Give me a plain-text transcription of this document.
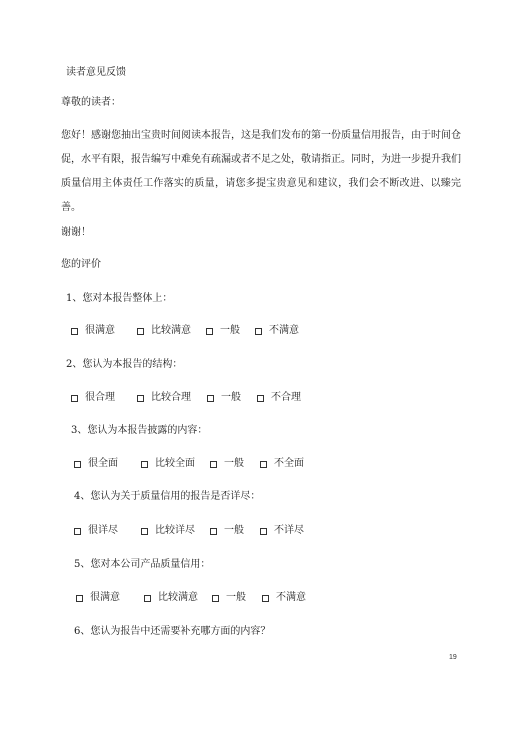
读者意见反馈
尊敬的读者：
您好！感谢您抽出宝贵时间阅读本报告，这是我们发布的第一份质量信用报告，由于时间仓促，水平有限，报告编写中难免有疏漏或者不足之处，敬请指正。同时，为进一步提升我们质量信用主体责任工作落实的质量，请您多提宝贵意见和建议，我们会不断改进、以臻完善。
谢谢！
您的评价
1、您对本报告整体上：
很满意	比较满意	一般	不满意
2、您认为本报告的结构：
很合理	比较合理	一般	不合理
3、您认为本报告披露的内容：
很全面	比较全面	一般	不全面
4、您认为关于质量信用的报告是否详尽：
很详尽	比较详尽	一般	不详尽
5、您对本公司产品质量信用：
很满意	比较满意	一般	不满意
6、您认为报告中还需要补充哪方面的内容？
19
